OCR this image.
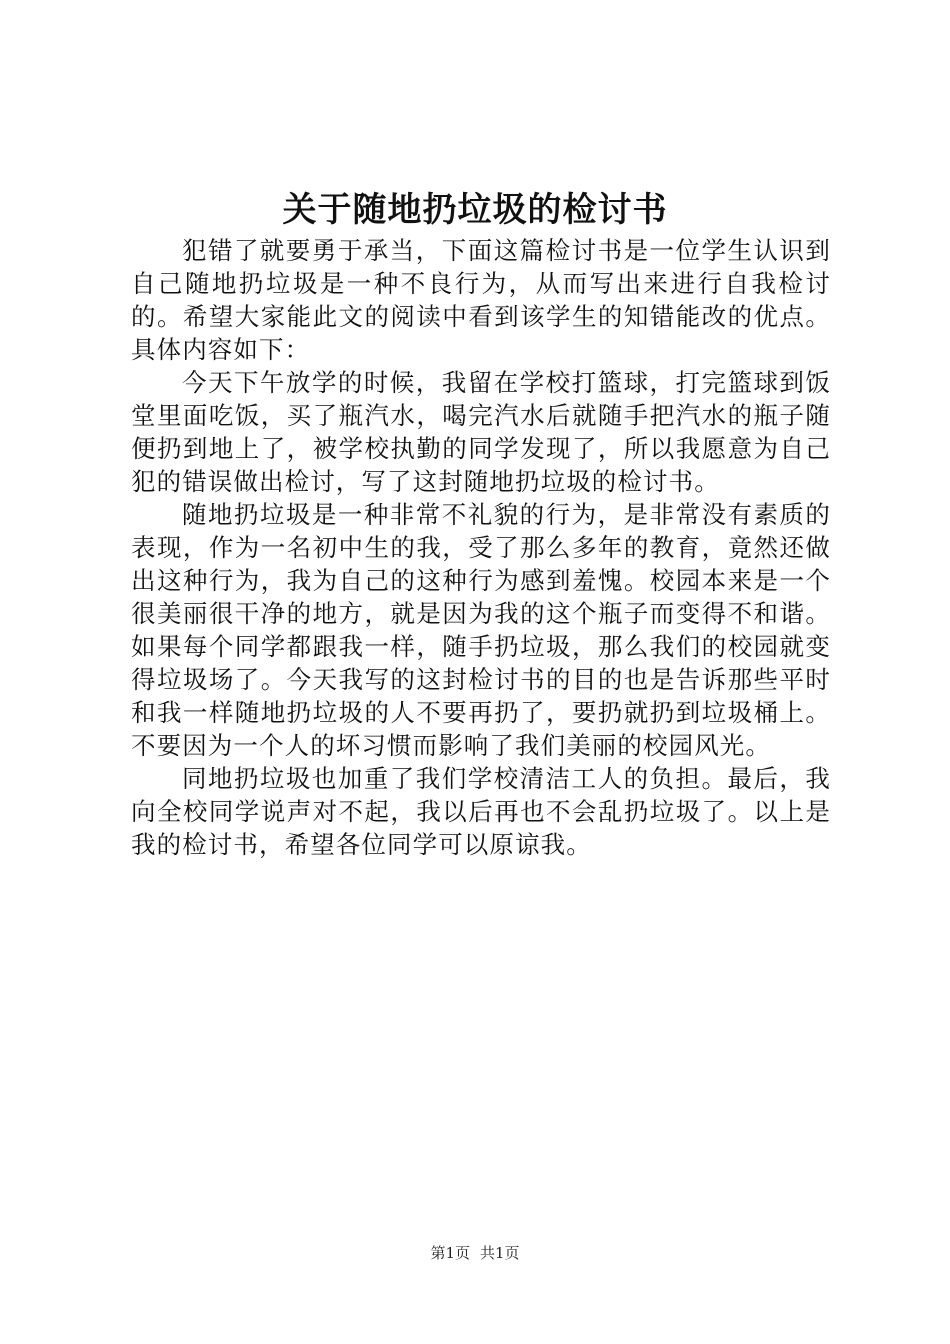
关于随地扔垃圾的检讨书

犯错了就要勇于承当，下面这篇检讨书是一位学生认识到自己随地扔垃圾是一种不良行为，从而写出来进行自我检讨的。希望大家能此文的阅读中看到该学生的知错能改的优点。具体内容如下：

今天下午放学的时候，我留在学校打篮球，打完篮球到饭堂里面吃饭，买了瓶汽水，喝完汽水后就随手把汽水的瓶子随便扔到地上了，被学校执勤的同学发现了，所以我愿意为自己犯的错误做出检讨，写了这封随地扔垃圾的检讨书。

随地扔垃圾是一种非常不礼貌的行为，是非常没有素质的表现，作为一名初中生的我，受了那么多年的教育，竟然还做出这种行为，我为自己的这种行为感到羞愧。校园本来是一个很美丽很干净的地方，就是因为我的这个瓶子而变得不和谐。如果每个同学都跟我一样，随手扔垃圾，那么我们的校园就变得垃圾场了。今天我写的这封检讨书的目的也是告诉那些平时和我一样随地扔垃圾的人不要再扔了，要扔就扔到垃圾桶上。不要因为一个人的坏习惯而影响了我们美丽的校园风光。

同地扔垃圾也加重了我们学校清洁工人的负担。最后，我向全校同学说声对不起，我以后再也不会乱扔垃圾了。以上是我的检讨书，希望各位同学可以原谅我。

第1页 共1页
